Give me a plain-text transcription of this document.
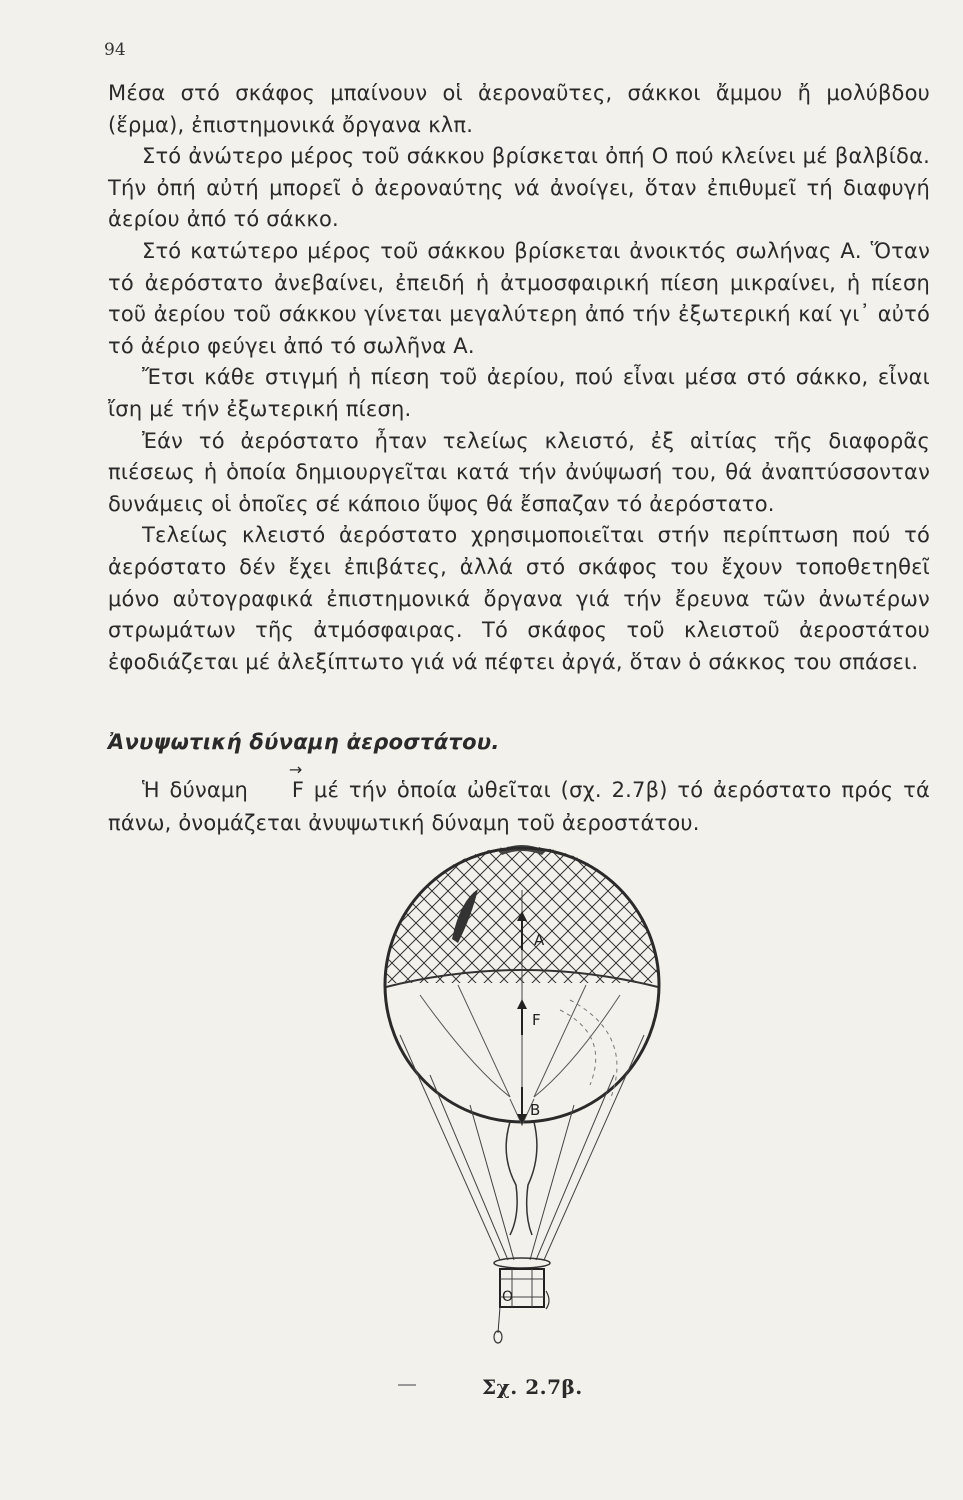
94

Μέσα στό σκάφος μπαίνουν οἱ ἀεροναῦτες, σάκκοι ἄμμου ἤ μολύβδου (ἕρμα), ἐπιστημονικά ὄργανα κλπ.

Στό ἀνώτερο μέρος τοῦ σάκκου βρίσκεται ὀπή Ο πού κλείνει μέ βαλβίδα. Τήν ὀπή αὐτή μπορεῖ ὁ ἀεροναύτης νά ἀνοίγει, ὅταν ἐπιθυμεῖ τή διαφυγή ἀερίου ἀπό τό σάκκο.

Στό κατώτερο μέρος τοῦ σάκκου βρίσκεται ἀνοικτός σωλήνας Α. Ὅταν τό ἀερόστατο ἀνεβαίνει, ἐπειδή ἡ ἀτμοσφαιρική πίεση μικραίνει, ἡ πίεση τοῦ ἀερίου τοῦ σάκκου γίνεται μεγαλύτερη ἀπό τήν ἐξωτερική καί γι᾽ αὐτό τό ἀέριο φεύγει ἀπό τό σωλῆνα Α.

Ἔτσι κάθε στιγμή ἡ πίεση τοῦ ἀερίου, πού εἶναι μέσα στό σάκκο, εἶναι ἴση μέ τήν ἐξωτερική πίεση.

Ἐάν τό ἀερόστατο ἦταν τελείως κλειστό, ἐξ αἰτίας τῆς διαφορᾶς πιέσεως ἡ ὁποία δημιουργεῖται κατά τήν ἀνύψωσή του, θά ἀναπτύσσονταν δυνάμεις οἱ ὁποῖες σέ κάποιο ὕψος θά ἔσπαζαν τό ἀερόστατο.

Τελείως κλειστό ἀερόστατο χρησιμοποιεῖται στήν περίπτωση πού τό ἀερόστατο δέν ἔχει ἐπιβάτες, ἀλλά στό σκάφος του ἔχουν τοποθετηθεῖ μόνο αὐτογραφικά ἐπιστημονικά ὄργανα γιά τήν ἔρευνα τῶν ἀνωτέρων στρωμάτων τῆς ἀτμόσφαιρας. Τό σκάφος τοῦ κλειστοῦ ἀεροστάτου ἐφοδιάζεται μέ ἀλεξίπτωτο γιά νά πέφτει ἀργά, ὅταν ὁ σάκκος του σπάσει.

Ἀνυψωτική δύναμη ἀεροστάτου.
Ἡ δύναμη → F μέ τήν ὁποία ὠθεῖται (σχ. 2.7β) τό ἀερόστατο πρός τά πάνω, ὀνομάζεται ἀνυψωτική δύναμη τοῦ ἀεροστάτου.
A
F
B
O
Σχ. 2.7β.
